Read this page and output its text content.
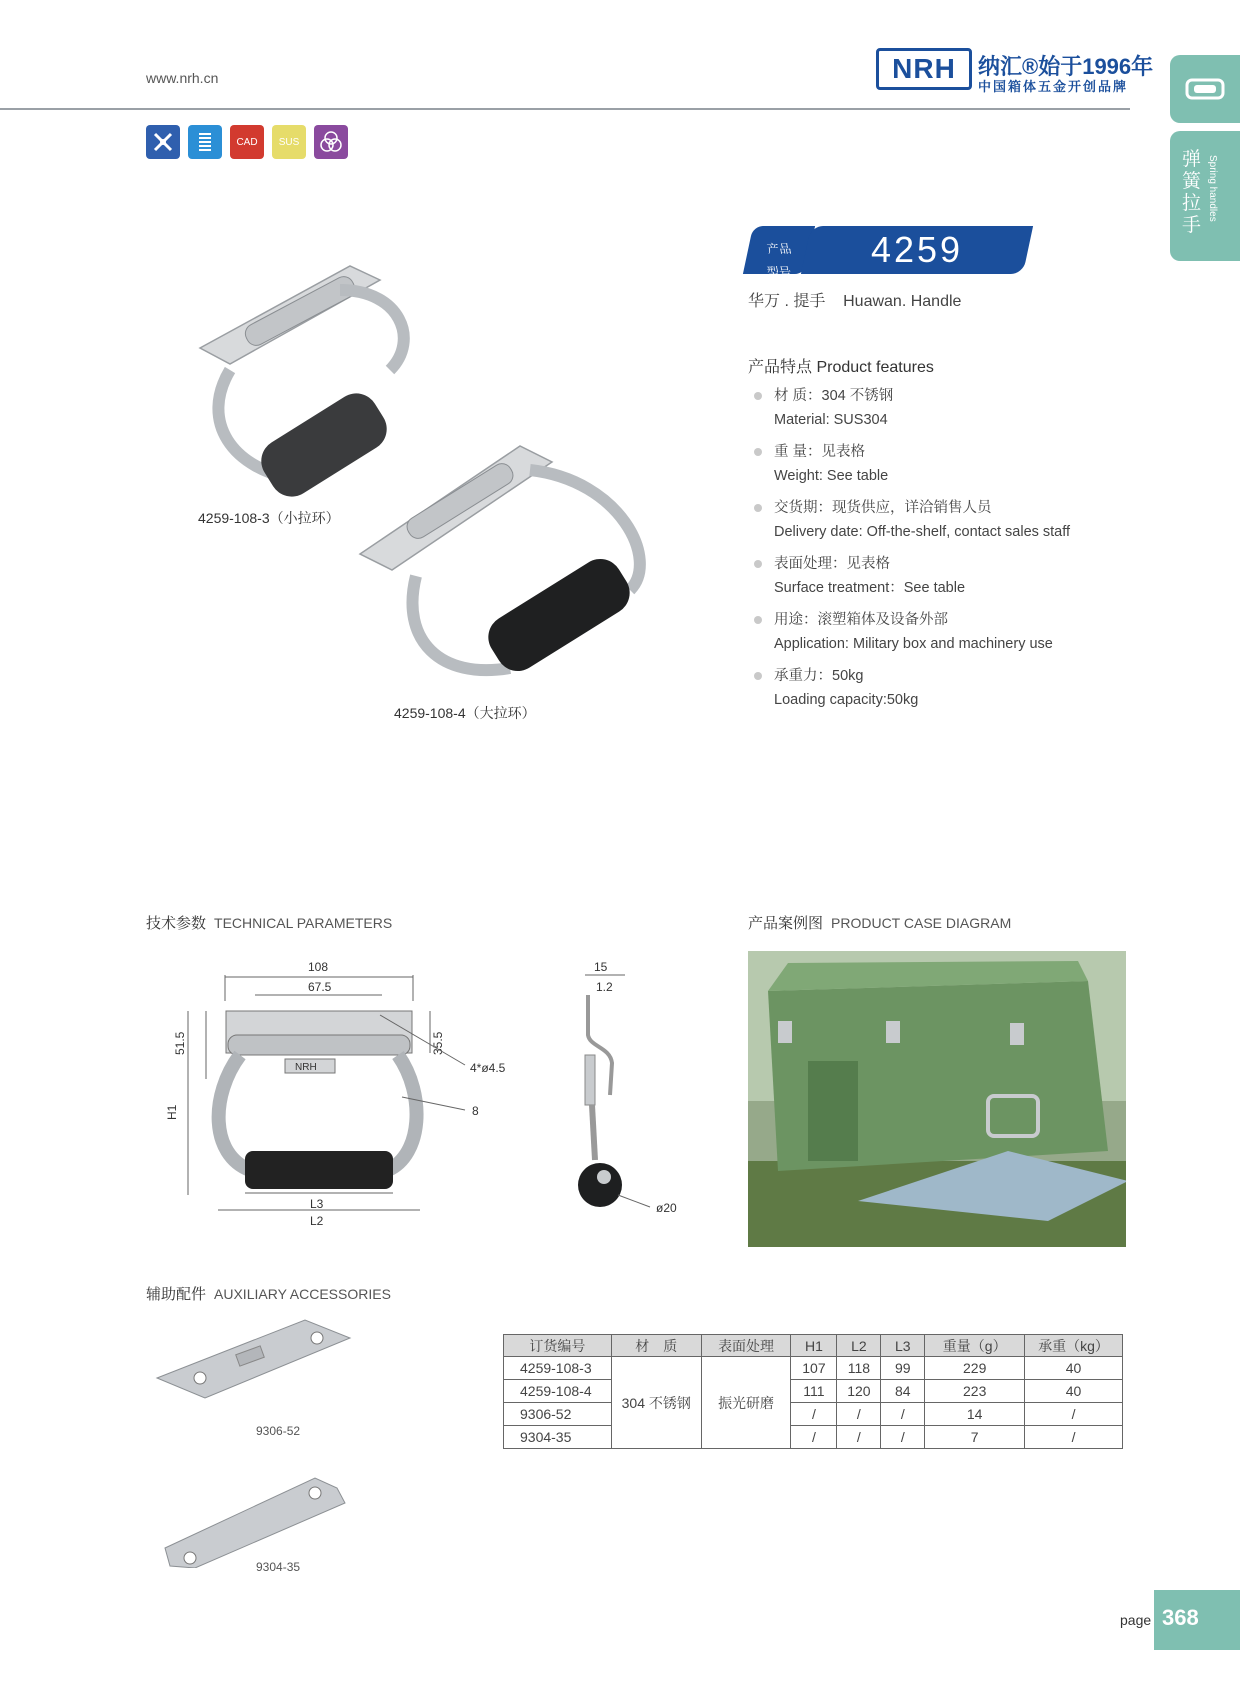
www.nrh.cn	NRH	纳汇®始于1996年
中国箱体五金开创品牌
弹簧拉手
Spring handles
CAD SUS
4259-108-3（小拉环）
4259-108-4（大拉环）
产品
型号
4259
华万 . 提手 Huawan. Handle
产品特点 Product features
材 质：304 不锈钢
Material: SUS304
重 量：见表格
Weight: See table
交货期：现货供应，详洽销售人员
Delivery date: Off-the-shelf, contact sales staff
表面处理：见表格
Surface treatment：See table
用途：滚塑箱体及设备外部
Application: Military box and machinery use
承重力：50kg
Loading capacity:50kg
技术参数 TECHNICAL PARAMETERS	产品案例图 PRODUCT CASE DIAGRAM
辅助配件 AUXILIARY ACCESSORIES
108
67.5
NRH
51.5
H1
35.5
4*ø4.5
8
L3
L2
15
1.2
ø20
9306-52
9304-35
订货编号	材　质	表面处理	H1	L2	L3	重量（g）	承重（kg）
4259-108-3	304 不锈钢	振光研磨	107	118	99	229	40
4259-108-4			111	120	84	223	40
9306-52			/	/	/	14	/
9304-35			/	/	/	7	/
page 368
